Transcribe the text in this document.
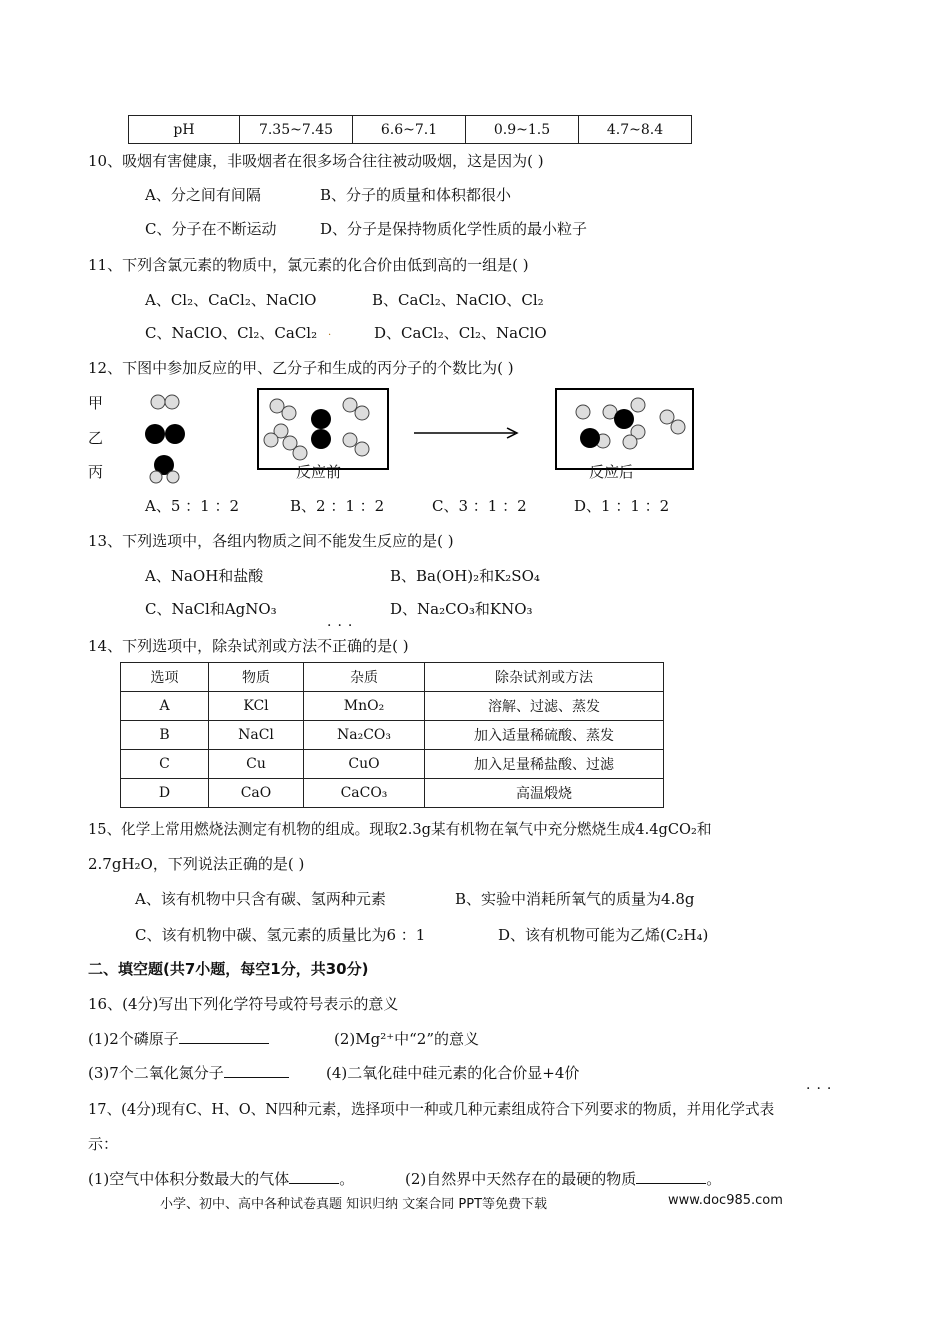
pH	7.35~7.45	6.6~7.1	0.9~1.5	4.7~8.4
10、吸烟有害健康，非吸烟者在很多场合往往被动吸烟，这是因为( )
A、分之间有间隔	B、分子的质量和体积都很小
C、分子在不断运动	D、分子是保持物质化学性质的最小粒子
11、下列含氯元素的物质中，氯元素的化合价由低到高的一组是( )
A、Cl₂、CaCl₂、NaClO	B、CaCl₂、NaClO、Cl₂
C、NaClO、Cl₂、CaCl₂	D、CaCl₂、Cl₂、NaClO
.
12、下图中参加反应的甲、乙分子和生成的丙分子的个数比为( )
甲
乙
丙	反应前	反应后
A、5 ：1 ：2	B、2 ：1 ：2	C、3 ：1 ：2	D、1 ：1 ：2
13、下列选项中，各组内物质之间不能发生反应的是( )
A、NaOH和盐酸	B、Ba(OH)₂和K₂SO₄
C、NaCl和AgNO₃	D、Na₂CO₃和KNO₃
···
14、下列选项中，除杂试剂或方法不正确的是( )
选项	物质	杂质	除杂试剂或方法
A	KCl	MnO₂	溶解、过滤、蒸发
B	NaCl	Na₂CO₃	加入适量稀硫酸、蒸发
C	Cu	CuO	加入足量稀盐酸、过滤
D	CaO	CaCO₃	高温煅烧
15、化学上常用燃烧法测定有机物的组成。现取2.3g某有机物在氧气中充分燃烧生成4.4gCO₂和
2.7gH₂O，下列说法正确的是( )
A、该有机物中只含有碳、氢两种元素	B、实验中消耗所氧气的质量为4.8g
C、该有机物中碳、氢元素的质量比为6 ：1	D、该有机物可能为乙烯(C₂H₄)
二、填空题(共7小题，每空1分，共30分)
16、(4分)写出下列化学符号或符号表示的意义
(1)2个磷原子	(2)Mg²⁺中“2”的意义
(3)7个二氧化氮分子	(4)二氧化硅中硅元素的化合价显+4价
···
17、(4分)现有C、H、O、N四种元素，选择项中一种或几种元素组成符合下列要求的物质，并用化学式表
示：
(1)空气中体积分数最大的气体	。	(2)自然界中天然存在的最硬的物质	。
小学、初中、高中各种试卷真题 知识归纳 文案合同 PPT等免费下载	www.doc985.com
